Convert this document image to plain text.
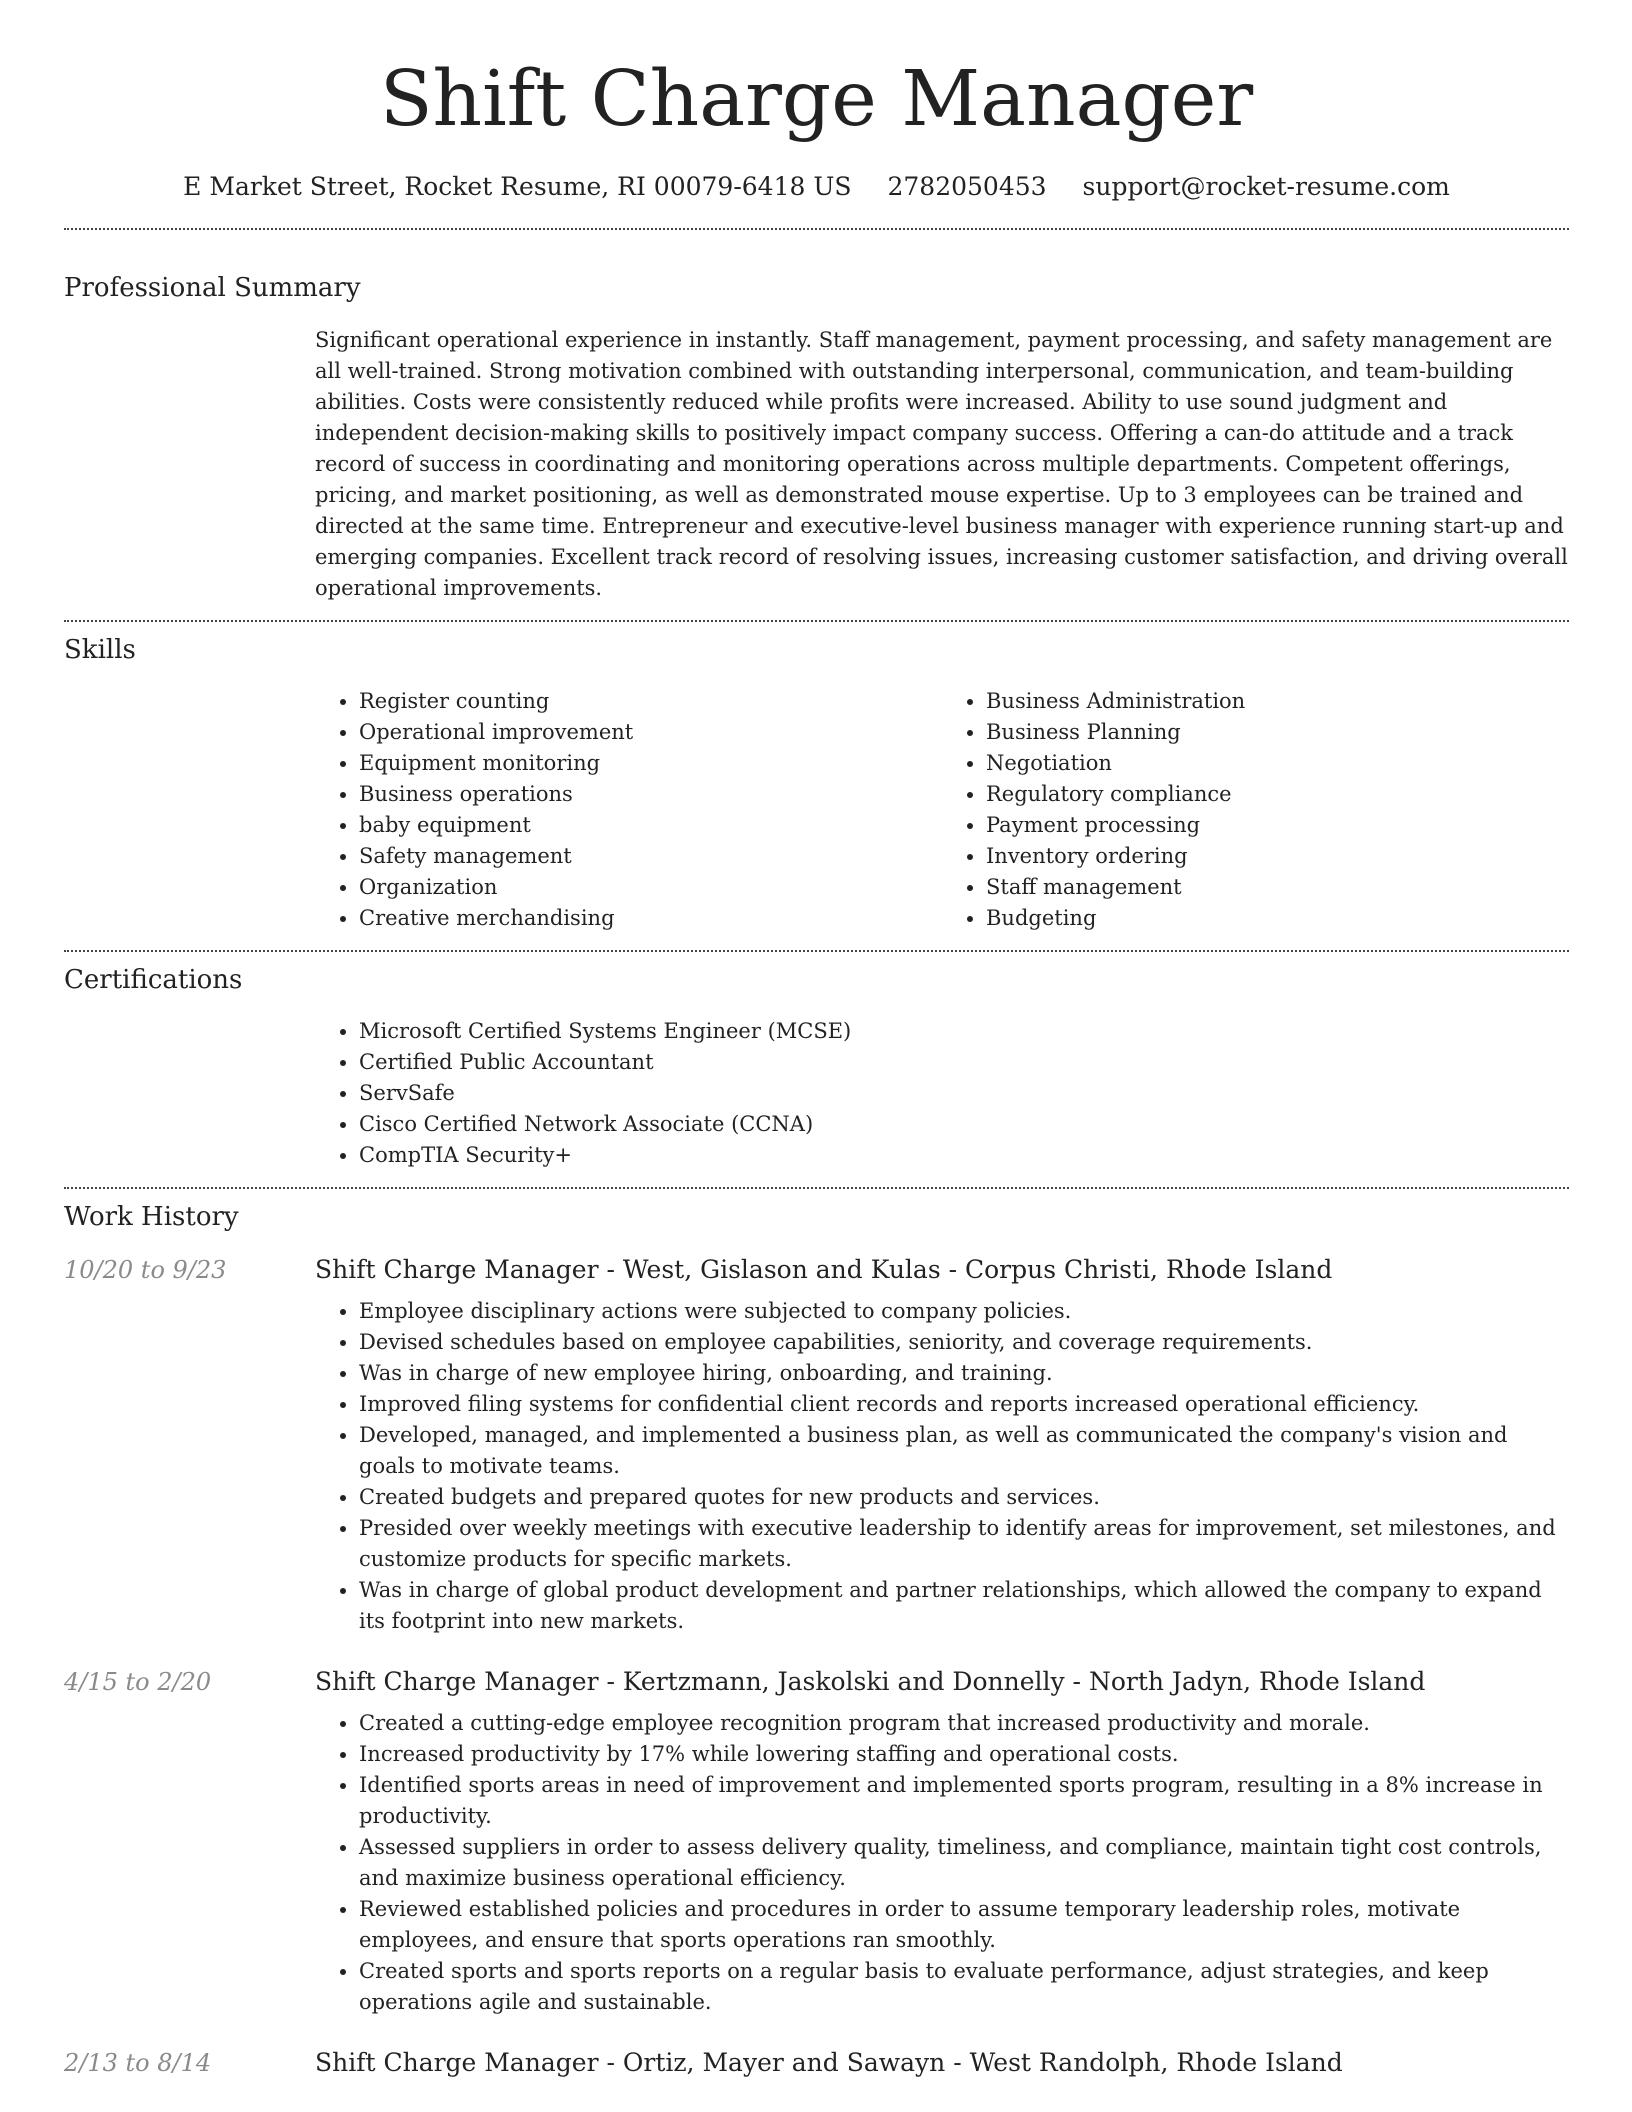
Shift Charge Manager
E Market Street, Rocket Resume, RI 00079-6418 US 2782050453 support@rocket-resume.com
Professional Summary
Significant operational experience in instantly. Staff management, payment processing, and safety management are all well-trained. Strong motivation combined with outstanding interpersonal, communication, and team-building abilities. Costs were consistently reduced while profits were increased. Ability to use sound judgment and independent decision-making skills to positively impact company success. Offering a can-do attitude and a track record of success in coordinating and monitoring operations across multiple departments. Competent offerings, pricing, and market positioning, as well as demonstrated mouse expertise. Up to 3 employees can be trained and directed at the same time. Entrepreneur and executive-level business manager with experience running start-up and emerging companies. Excellent track record of resolving issues, increasing customer satisfaction, and driving overall operational improvements.
Skills
• Register counting
• Operational improvement
• Equipment monitoring
• Business operations
• baby equipment
• Safety management
• Organization
• Creative merchandising
• Business Administration
• Business Planning
• Negotiation
• Regulatory compliance
• Payment processing
• Inventory ordering
• Staff management
• Budgeting
Certifications
• Microsoft Certified Systems Engineer (MCSE)
• Certified Public Accountant
• ServSafe
• Cisco Certified Network Associate (CCNA)
• CompTIA Security+
Work History
10/20 to 9/23	Shift Charge Manager - West, Gislason and Kulas - Corpus Christi, Rhode Island
• Employee disciplinary actions were subjected to company policies.
• Devised schedules based on employee capabilities, seniority, and coverage requirements.
• Was in charge of new employee hiring, onboarding, and training.
• Improved filing systems for confidential client records and reports increased operational efficiency.
• Developed, managed, and implemented a business plan, as well as communicated the company's vision and goals to motivate teams.
• Created budgets and prepared quotes for new products and services.
• Presided over weekly meetings with executive leadership to identify areas for improvement, set milestones, and customize products for specific markets.
• Was in charge of global product development and partner relationships, which allowed the company to expand its footprint into new markets.
4/15 to 2/20	Shift Charge Manager - Kertzmann, Jaskolski and Donnelly - North Jadyn, Rhode Island
• Created a cutting-edge employee recognition program that increased productivity and morale.
• Increased productivity by 17% while lowering staffing and operational costs.
• Identified sports areas in need of improvement and implemented sports program, resulting in a 8% increase in productivity.
• Assessed suppliers in order to assess delivery quality, timeliness, and compliance, maintain tight cost controls, and maximize business operational efficiency.
• Reviewed established policies and procedures in order to assume temporary leadership roles, motivate employees, and ensure that sports operations ran smoothly.
• Created sports and sports reports on a regular basis to evaluate performance, adjust strategies, and keep operations agile and sustainable.
2/13 to 8/14	Shift Charge Manager - Ortiz, Mayer and Sawayn - West Randolph, Rhode Island
